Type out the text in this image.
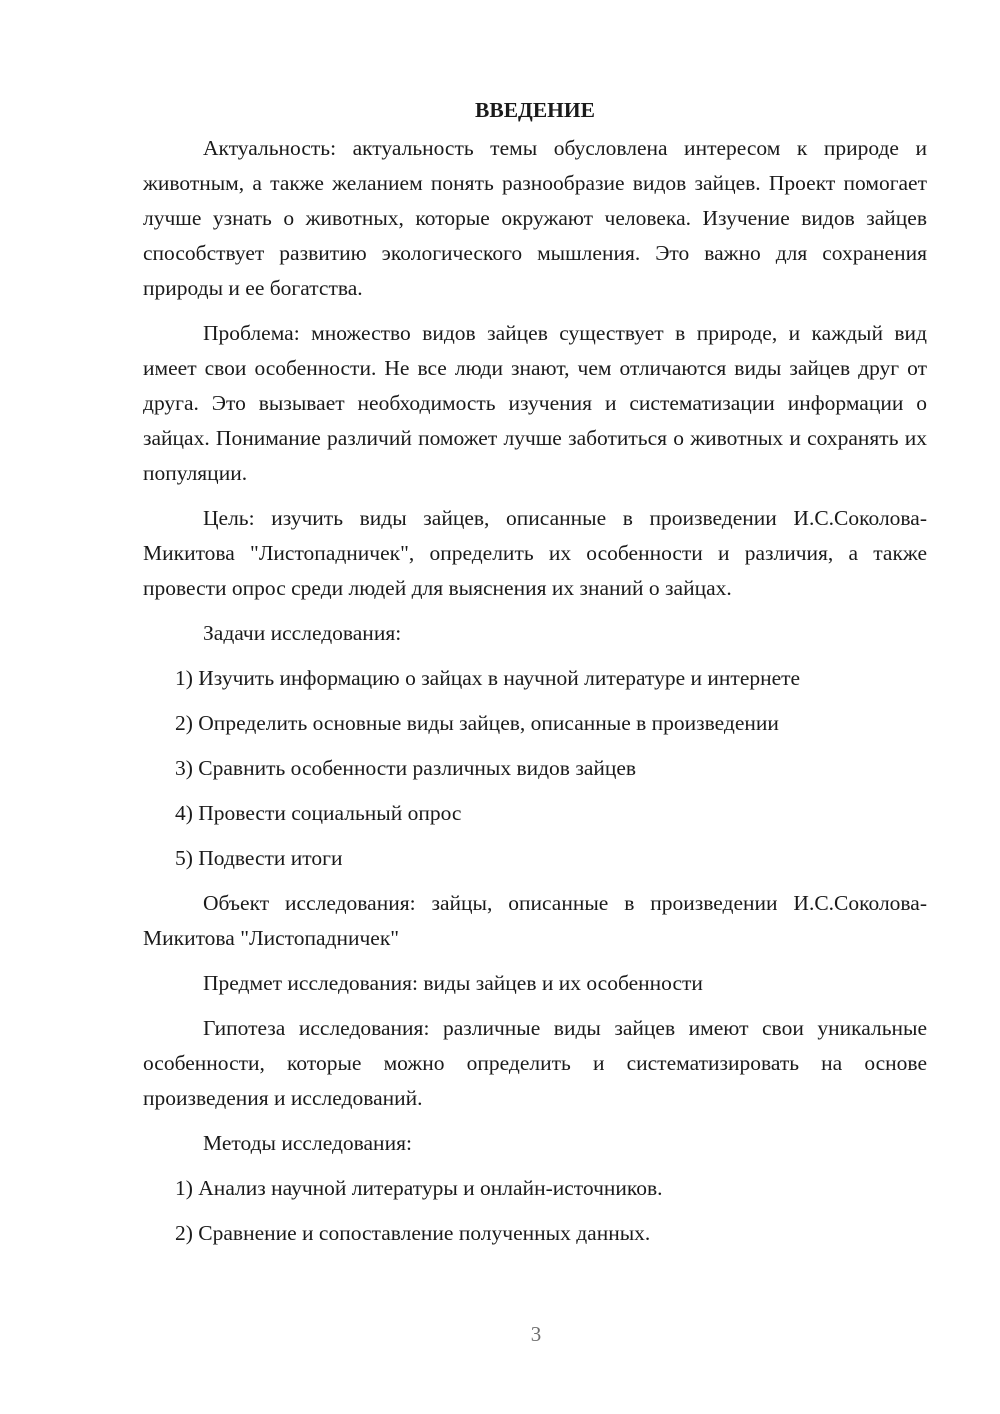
ВВЕДЕНИЕ

Актуальность: актуальность темы обусловлена интересом к природе и животным, а также желанием понять разнообразие видов зайцев. Проект помогает лучше узнать о животных, которые окружают человека. Изучение видов зайцев способствует развитию экологического мышления. Это важно для сохранения природы и ее богатства.

Проблема: множество видов зайцев существует в природе, и каждый вид имеет свои особенности. Не все люди знают, чем отличаются виды зайцев друг от друга. Это вызывает необходимость изучения и систематизации информации о зайцах. Понимание различий поможет лучше заботиться о животных и сохранять их популяции.

Цель: изучить виды зайцев, описанные в произведении И.С.Соколова-Микитова "Листопадничек", определить их особенности и различия, а также провести опрос среди людей для выяснения их знаний о зайцах.

Задачи исследования:

1) Изучить информацию о зайцах в научной литературе и интернете
2) Определить основные виды зайцев, описанные в произведении
3) Сравнить особенности различных видов зайцев
4) Провести социальный опрос
5) Подвести итоги

Объект исследования: зайцы, описанные в произведении И.С.Соколова-Микитова "Листопадничек"

Предмет исследования: виды зайцев и их особенности

Гипотеза исследования: различные виды зайцев имеют свои уникальные особенности, которые можно определить и систематизировать на основе произведения и исследований.

Методы исследования:

1) Анализ научной литературы и онлайн-источников.
2) Сравнение и сопоставление полученных данных.
3
